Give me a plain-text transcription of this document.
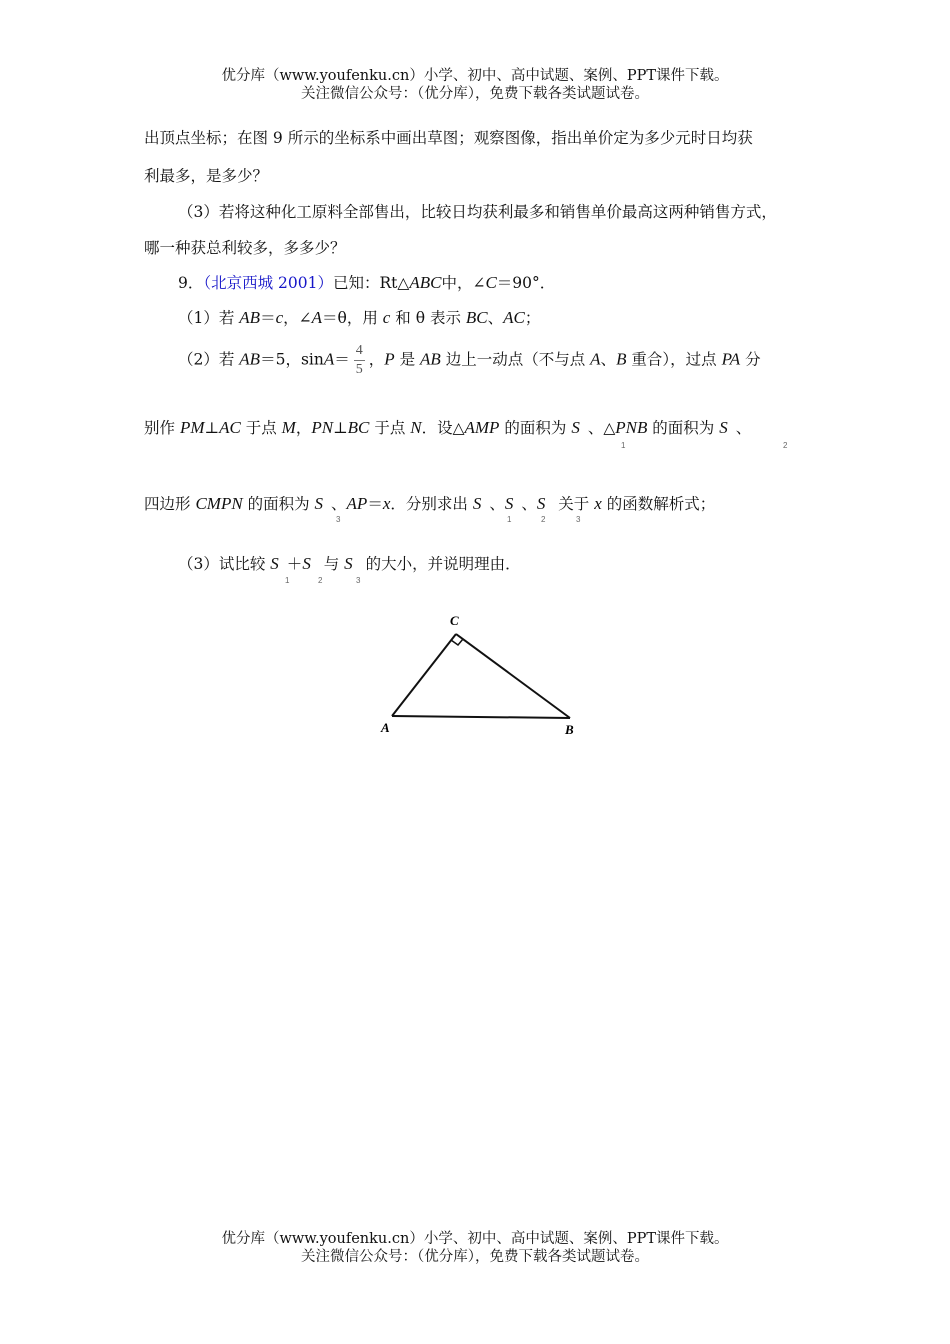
优分库（www.youfenku.cn）小学、初中、高中试题、案例、PPT课件下载。
关注微信公众号：（优分库），免费下载各类试题试卷。
出顶点坐标；在图 9 所示的坐标系中画出草图；观察图像，指出单价定为多少元时日均获
利最多，是多少？
（3）若将这种化工原料全部售出，比较日均获利最多和销售单价最高这两种销售方式，
哪一种获总利较多，多多少？
9．（北京西城 2001）已知：Rt△ABC中，∠C＝90°．
（1）若 AB＝c，∠A＝θ，用 c 和 θ 表示 BC、AC；
（2）若 AB＝5，$\sin A= \frac{4}{5}$ ，P 是 AB 边上一动点（不与点 A、B 重合），过点 PA 分
别作 PM⊥AC 于点 M，PN⊥BC 于点 N．设△AMP 的面积为 S 、△PNB 的面积为 S 、
1	2
四边形 CMPN 的面积为 S 、AP＝x．分别求出 S 、S 、S 关于 x 的函数解析式；
3	1	2	3
（3）试比较 S ＋S 与 S 的大小，并说明理由．
1	2	3
C
A	B
优分库（www.youfenku.cn）小学、初中、高中试题、案例、PPT课件下载。
关注微信公众号：（优分库），免费下载各类试题试卷。
